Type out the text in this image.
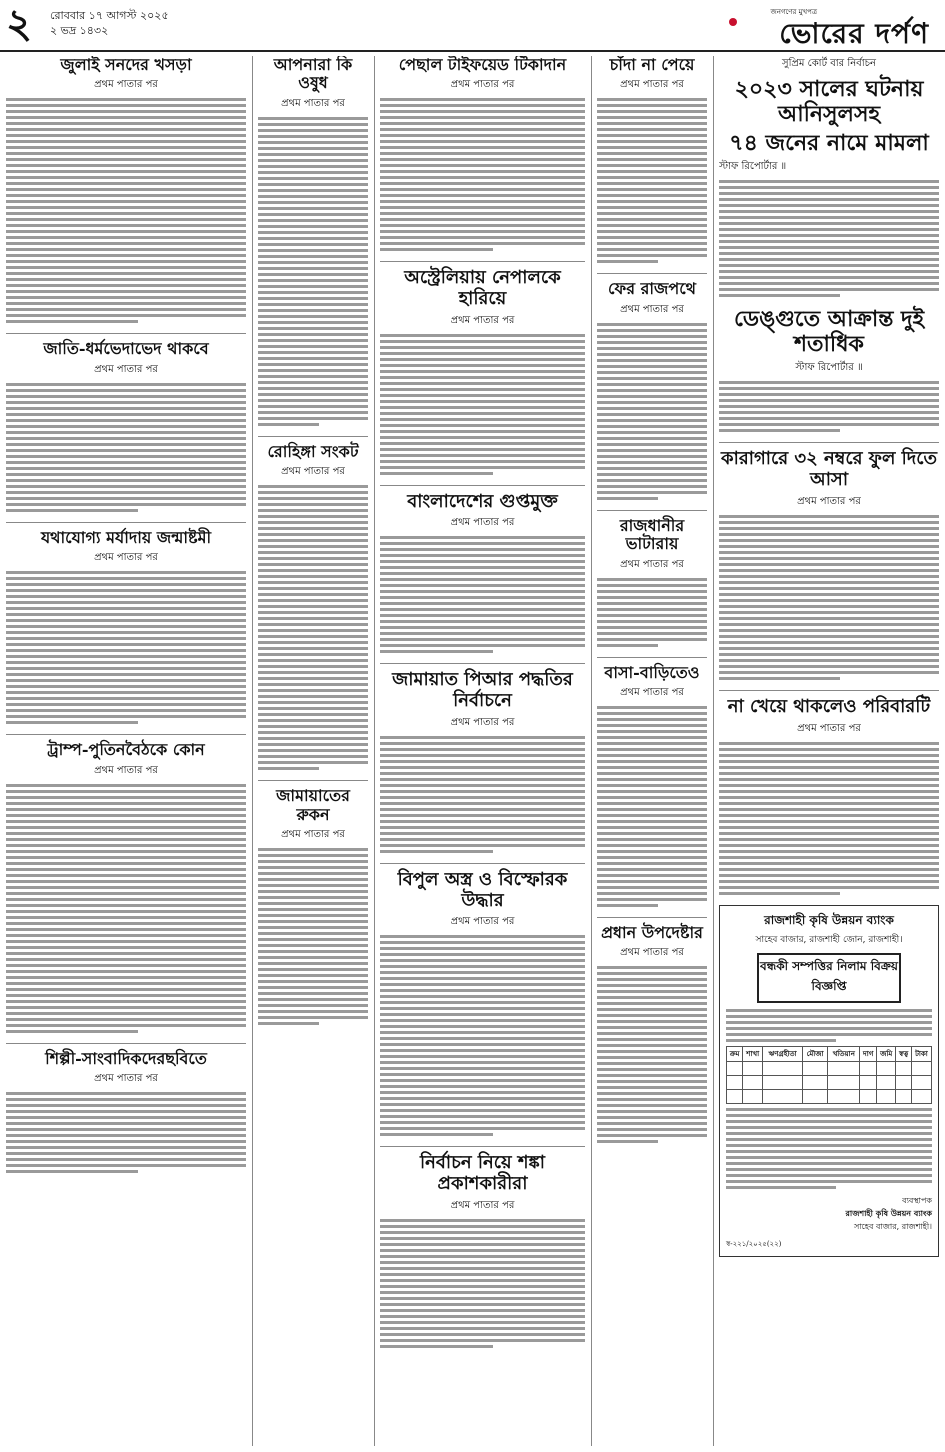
২ রোববার ১৭ আগস্ট ২০২৫
২ ভদ্র ১৪৩২
জনগণের মুখপত্র
ভোরের দর্পণ
জুলাই সনদের খসড়া
প্রথম পাতার পর
জাতি-ধর্মভেদাভেদ থাকবে
প্রথম পাতার পর
যথাযোগ্য মর্যাদায় জন্মাষ্টমী
প্রথম পাতার পর
ট্রাম্প-পুতিনবৈঠকে কোন
প্রথম পাতার পর
শিল্পী-সাংবাদিকদেরছবিতে
প্রথম পাতার পর
আপনারা কি ওষুধ
প্রথম পাতার পর
রোহিঙ্গা সংকট
প্রথম পাতার পর
জামায়াতের রুকন
প্রথম পাতার পর
পেছাল টাইফয়েড টিকাদান
প্রথম পাতার পর
অস্ট্রেলিয়ায় নেপালকে হারিয়ে
প্রথম পাতার পর
বাংলাদেশের গুপ্তমুক্ত
প্রথম পাতার পর
জামায়াত পিআর পদ্ধতির নির্বাচনে
প্রথম পাতার পর
বিপুল অস্ত্র ও বিস্ফোরক উদ্ধার
প্রথম পাতার পর
নির্বাচন নিয়ে শঙ্কা প্রকাশকারীরা
প্রথম পাতার পর
চাঁদা না পেয়ে
প্রথম পাতার পর
ফের রাজপথে
প্রথম পাতার পর
রাজধানীর ভাটারায়
প্রথম পাতার পর
বাসা-বাড়িতেও
প্রথম পাতার পর
প্রধান উপদেষ্টার
প্রথম পাতার পর
সুপ্রিম কোর্ট বার নির্বাচন
২০২৩ সালের ঘটনায় আনিসুলসহ
৭৪ জনের নামে মামলা
স্টাফ রিপোর্টার ॥
ডেঙ্গুতে আক্রান্ত দুই শতাধিক
স্টাফ রিপোর্টার ॥
কারাগারে ৩২ নম্বরে ফুল দিতে আসা
প্রথম পাতার পর
না খেয়ে থাকলেও পরিবারটি
প্রথম পাতার পর
রাজশাহী কৃষি উন্নয়ন ব্যাংক
সাহেব বাজার, রাজশাহী জোন, রাজশাহী।
বন্ধকী সম্পত্তির নিলাম বিক্রয় বিজ্ঞপ্তি
ক্রম	শাখা	ঋণগ্রহীতা	মৌজা	খতিয়ান	দাগ	জমি	স্বত্ব	টাকা

ব্যবস্থাপক
রাজশাহী কৃষি উন্নয়ন ব্যাংক
সাহেব বাজার, রাজশাহী।
স্ব-২২১/২০২৫(২২)
